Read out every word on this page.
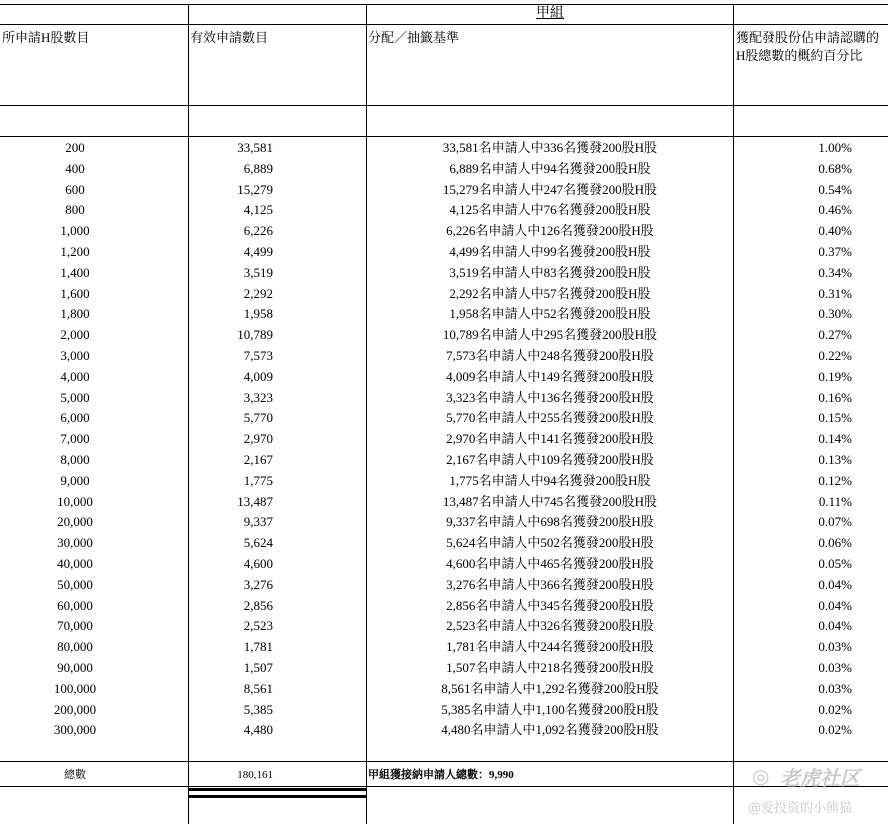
甲組
所申請H股數目	有效申請數目	分配／抽籤基準	獲配發股份佔申請認購的H股總數的概約百分比
200	33,581	33,581名申請人中336名獲發200股H股	1.00%
400	6,889	6,889名申請人中94名獲發200股H股	0.68%
600	15,279	15,279名申請人中247名獲發200股H股	0.54%
800	4,125	4,125名申請人中76名獲發200股H股	0.46%
1,000	6,226	6,226名申請人中126名獲發200股H股	0.40%
1,200	4,499	4,499名申請人中99名獲發200股H股	0.37%
1,400	3,519	3,519名申請人中83名獲發200股H股	0.34%
1,600	2,292	2,292名申請人中57名獲發200股H股	0.31%
1,800	1,958	1,958名申請人中52名獲發200股H股	0.30%
2,000	10,789	10,789名申請人中295名獲發200股H股	0.27%
3,000	7,573	7,573名申請人中248名獲發200股H股	0.22%
4,000	4,009	4,009名申請人中149名獲發200股H股	0.19%
5,000	3,323	3,323名申請人中136名獲發200股H股	0.16%
6,000	5,770	5,770名申請人中255名獲發200股H股	0.15%
7,000	2,970	2,970名申請人中141名獲發200股H股	0.14%
8,000	2,167	2,167名申請人中109名獲發200股H股	0.13%
9,000	1,775	1,775名申請人中94名獲發200股H股	0.12%
10,000	13,487	13,487名申請人中745名獲發200股H股	0.11%
20,000	9,337	9,337名申請人中698名獲發200股H股	0.07%
30,000	5,624	5,624名申請人中502名獲發200股H股	0.06%
40,000	4,600	4,600名申請人中465名獲發200股H股	0.05%
50,000	3,276	3,276名申請人中366名獲發200股H股	0.04%
60,000	2,856	2,856名申請人中345名獲發200股H股	0.04%
70,000	2,523	2,523名申請人中326名獲發200股H股	0.04%
80,000	1,781	1,781名申請人中244名獲發200股H股	0.03%
90,000	1,507	1,507名申請人中218名獲發200股H股	0.03%
100,000	8,561	8,561名申請人中1,292名獲發200股H股	0.03%
200,000	5,385	5,385名申請人中1,100名獲發200股H股	0.02%
300,000	4,480	4,480名申請人中1,092名獲發200股H股	0.02%
總數	180,161	甲組獲接納申請人總數：9,990	◎ 老虎社区
@爱投资的小熊猫
